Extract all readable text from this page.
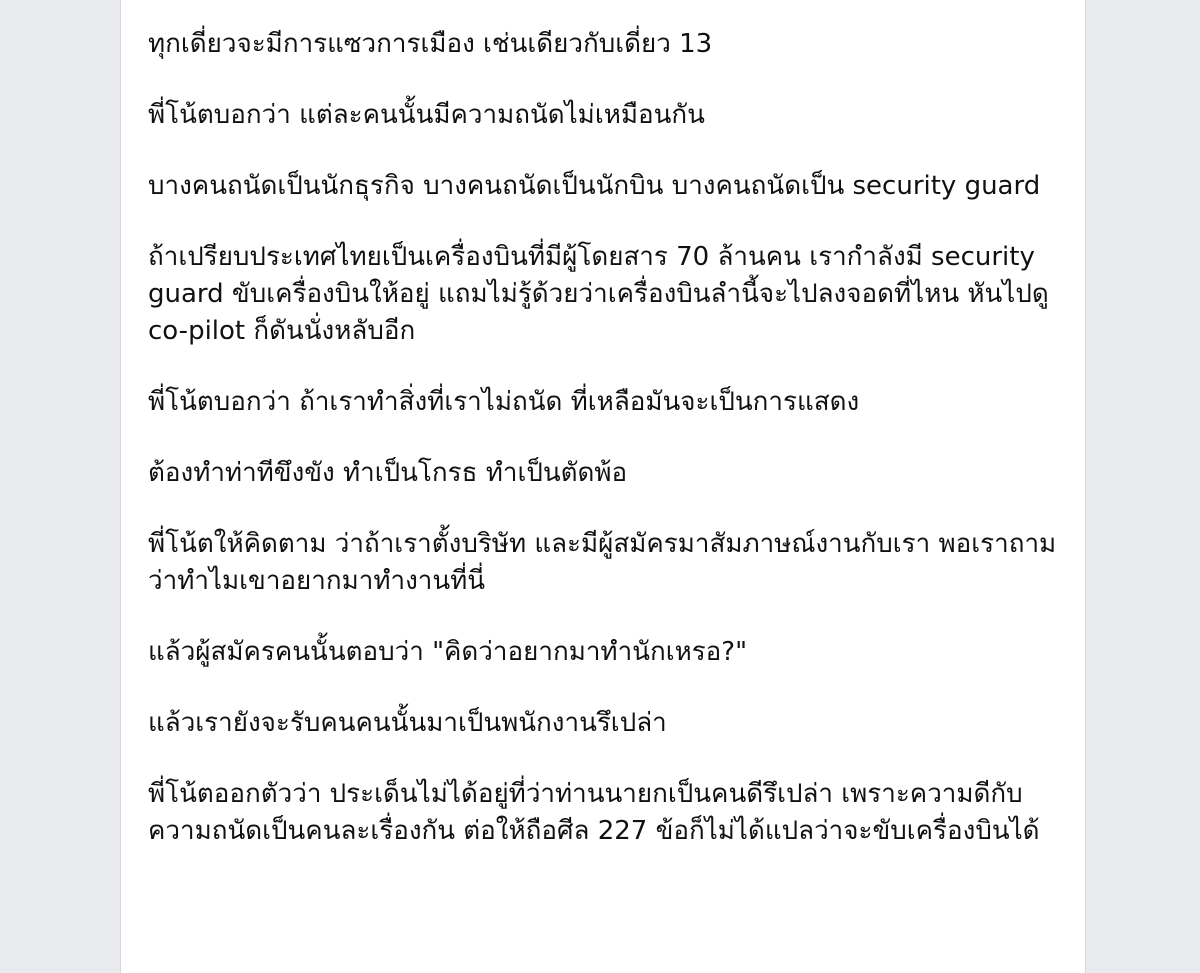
ทุกเดี่ยวจะมีการแซวการเมือง เช่นเดียวกับเดี่ยว 13

พี่โน้ตบอกว่า แต่ละคนนั้นมีความถนัดไม่เหมือนกัน

บางคนถนัดเป็นนักธุรกิจ บางคนถนัดเป็นนักบิน บางคนถนัดเป็น security guard

ถ้าเปรียบประเทศไทยเป็นเครื่องบินที่มีผู้โดยสาร 70 ล้านคน เรากำลังมี security guard ขับเครื่องบินให้อยู่ แถมไม่รู้ด้วยว่าเครื่องบินลำนี้จะไปลงจอดที่ไหน หันไปดู co-pilot ก็ดันนั่งหลับอีก

พี่โน้ตบอกว่า ถ้าเราทำสิ่งที่เราไม่ถนัด ที่เหลือมันจะเป็นการแสดง

ต้องทำท่าทีขึงขัง ทำเป็นโกรธ ทำเป็นตัดพ้อ

พี่โน้ตให้คิดตาม ว่าถ้าเราตั้งบริษัท และมีผู้สมัครมาสัมภาษณ์งานกับเรา พอเราถามว่าทำไมเขาอยากมาทำงานที่นี่

แล้วผู้สมัครคนนั้นตอบว่า "คิดว่าอยากมาทำนักเหรอ?"

แล้วเรายังจะรับคนคนนั้นมาเป็นพนักงานรึเปล่า

พี่โน้ตออกตัวว่า ประเด็นไม่ได้อยู่ที่ว่าท่านนายกเป็นคนดีรึเปล่า เพราะความดีกับความถนัดเป็นคนละเรื่องกัน ต่อให้ถือศีล 227 ข้อก็ไม่ได้แปลว่าจะขับเครื่องบินได้
